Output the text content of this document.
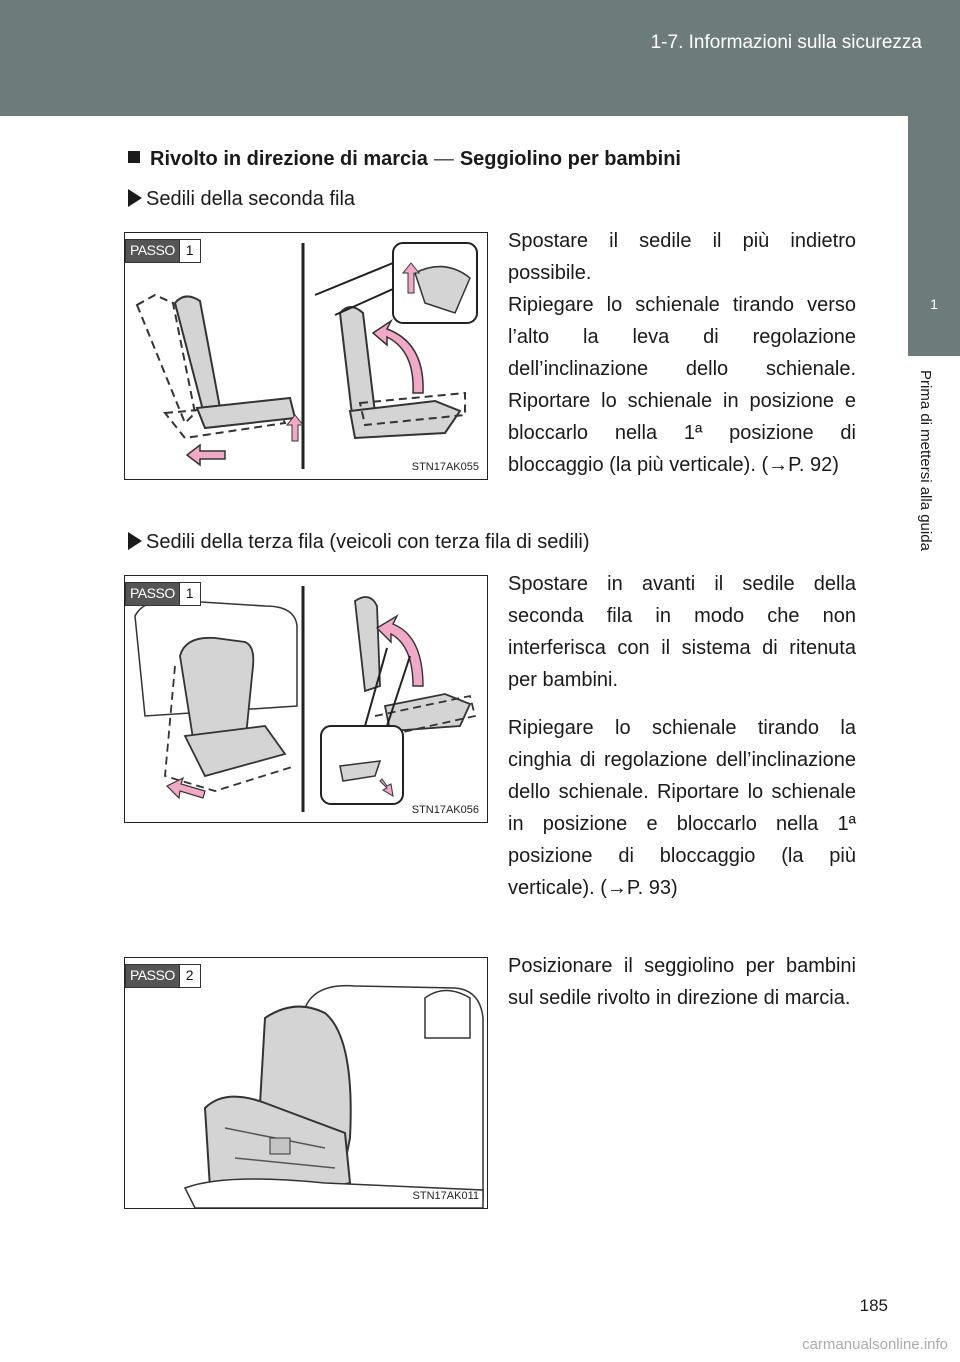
1-7. Informazioni sulla sicurezza
1
Prima di mettersi alla guida
Rivolto in direzione di marcia — Seggiolino per bambini
Sedili della seconda fila
PASSO 1
STN17AK055

Spostare il sedile il più indietro possibile.

Ripiegare lo schienale tirando verso l’alto la leva di regolazione dell’inclinazione dello schienale. Riportare lo schienale in posizione e bloccarlo nella 1ª posizione di bloccaggio (la più verticale). (→P. 92)

Sedili della terza fila (veicoli con terza fila di sedili)
PASSO 1
STN17AK056

Spostare in avanti il sedile della seconda fila in modo che non interferisca con il sistema di ritenuta per bambini.

Ripiegare lo schienale tirando la cinghia di regolazione dell’inclinazione dello schienale. Riportare lo schienale in posizione e bloccarlo nella 1ª posizione di bloccaggio (la più verticale). (→P. 93)

PASSO 2
STN17AK011

Posizionare il seggiolino per bambini sul sedile rivolto in direzione di marcia.

185
carmanualsonline.info
